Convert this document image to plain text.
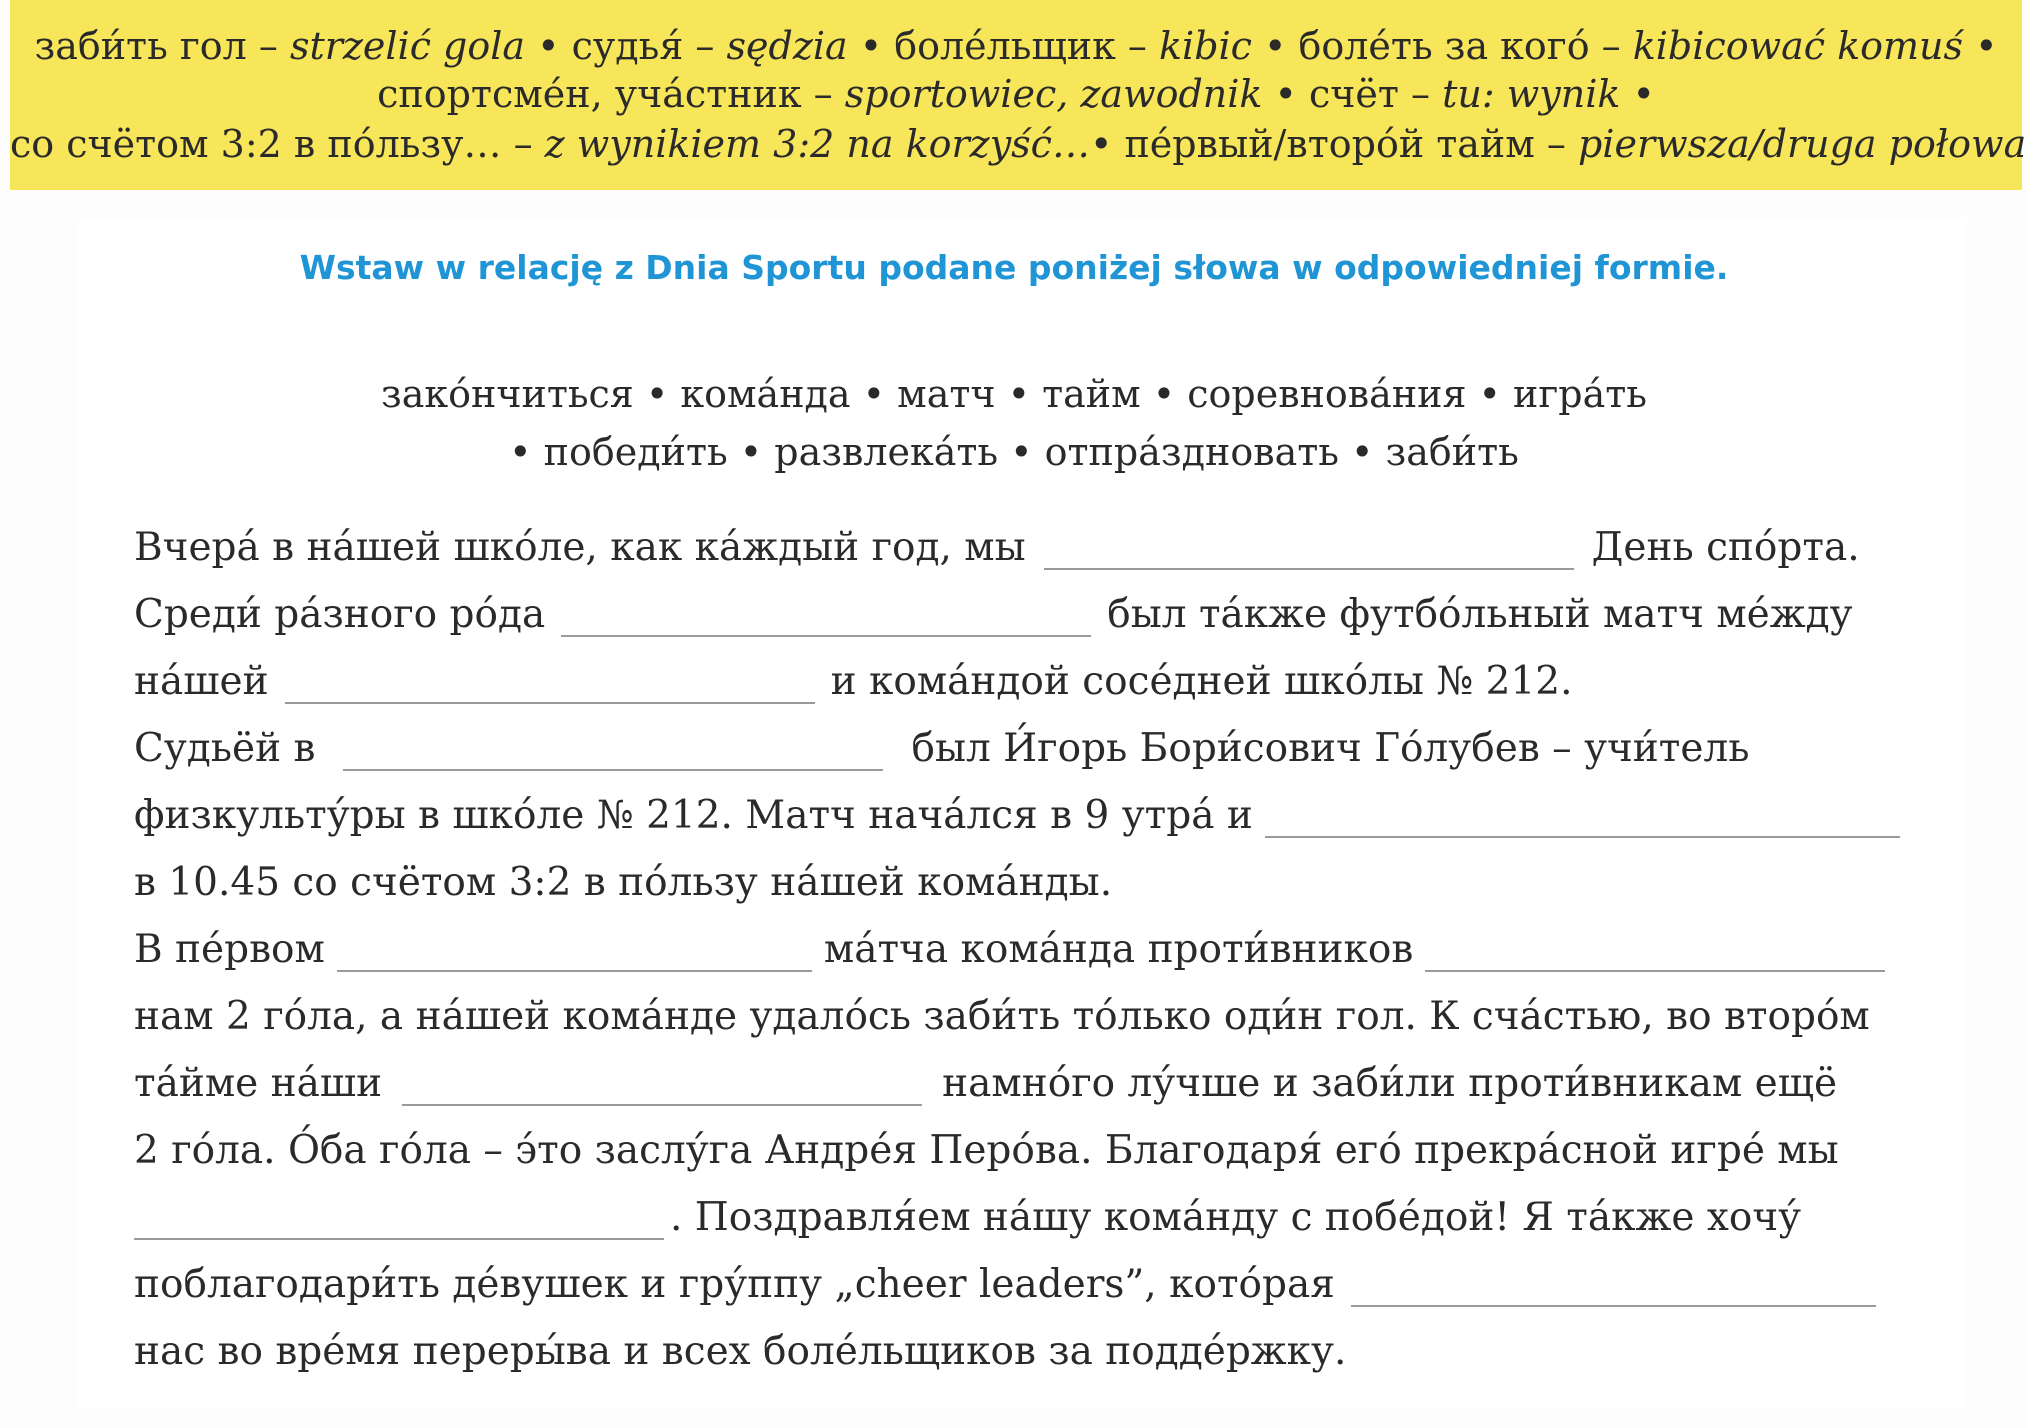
заби́ть гол – strzelić gola • судья́ – sędzia • боле́льщик – kibic • боле́ть за кого́ – kibicować komuś •
спортсме́н, уча́стник – sportowiec, zawodnik • счёт – tu: wynik •
со счётом 3:2 в по́льзу… – z wynikiem 3:2 na korzyść…• пе́рвый/второ́й тайм – pierwsza/druga połowa
Wstaw w relację z Dnia Sportu podane poniżej słowa w odpowiedniej formie.
зако́нчиться • кома́нда • матч • тайм • соревнова́ния • игра́ть
• победи́ть • развлека́ть • отпра́здновать • заби́ть
Вчера́ в на́шей шко́ле, как ка́ждый год, мы	День спо́рта.
Среди́ ра́зного ро́да	был та́кже футбо́льный матч ме́жду
на́шей	и кома́ндой сосе́дней шко́лы № 212.
Судьёй в	был И́горь Бори́сович Го́лубев – учи́тель
физкульту́ры в шко́ле № 212. Матч нача́лся в 9 утра́ и
в 10.45 со счётом 3:2 в по́льзу на́шей кома́нды.
В пе́рвом	ма́тча кома́нда проти́вников
нам 2 го́ла, а на́шей кома́нде удало́сь заби́ть то́лько оди́н гол. К сча́стью, во второ́м
та́йме на́ши	намно́го лу́чше и заби́ли проти́вникам ещё
2 го́ла. О́ба го́ла – э́то заслу́га Андре́я Перо́ва. Благодаря́ его́ прекра́сной игре́ мы
. Поздравля́ем на́шу кома́нду с побе́дой! Я та́кже хочу́
поблагодари́ть де́вушек и гру́ппу „cheer leaders”, кото́рая
нас во вре́мя переры́ва и всех боле́льщиков за подде́ржку.
